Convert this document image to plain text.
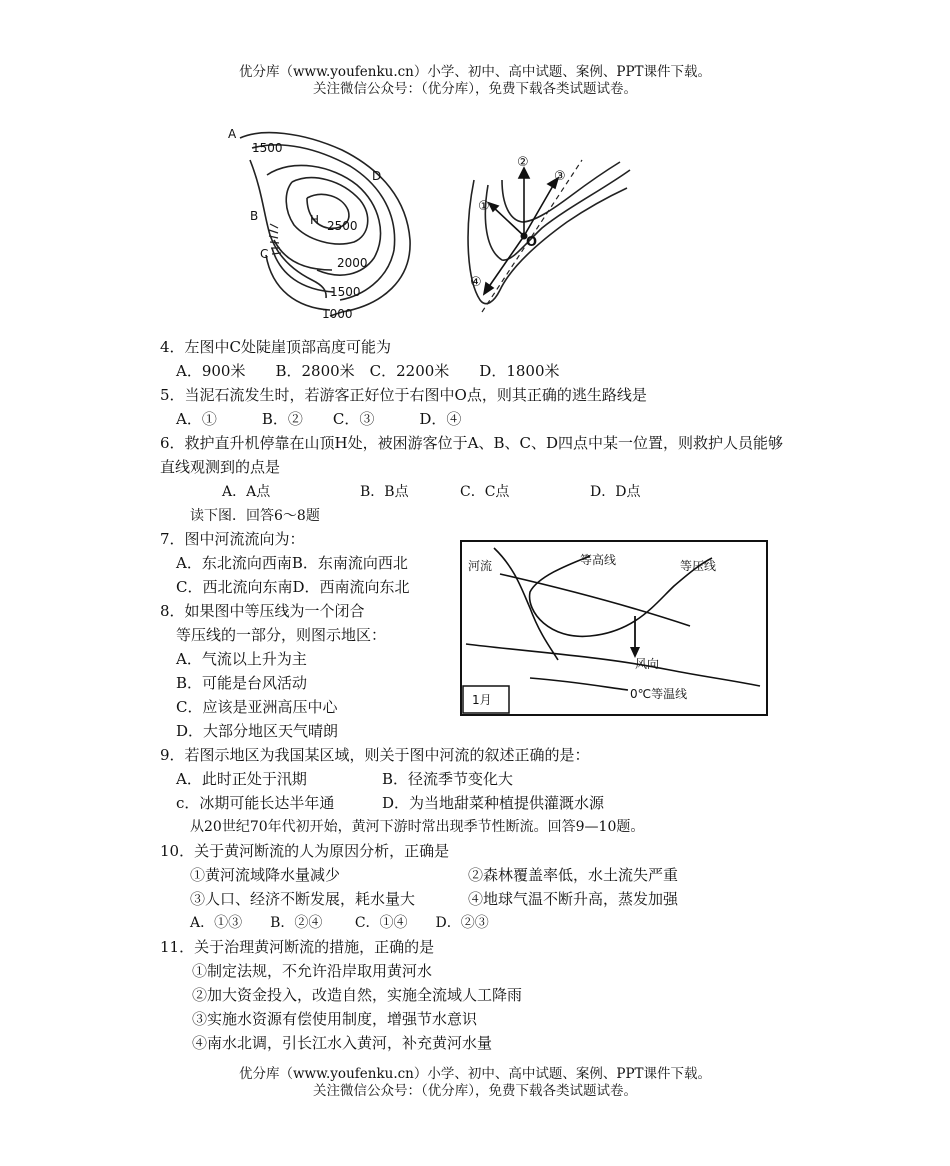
优分库（www.youfenku.cn）小学、初中、高中试题、案例、PPT课件下载。
关注微信公众号：（优分库），免费下载各类试题试卷。
A
1500
D
B	H 2500
C
2000
1500
1000
①
②
③
④
O
4．左图中C处陡崖顶部高度可能为
A．900米　　B．2800米　C．2200米　　D．1800米
5．当泥石流发生时，若游客正好位于右图中O点，则其正确的逃生路线是
A．①　　　B．②　　C．③　　　D．④
6．救护直升机停靠在山顶H处，被困游客位于A、B、C、D四点中某一位置，则救护人员能够
直线观测到的点是
A．A点	B．B点	C．C点	D．D点
读下图．回答6～8题
7．图中河流流向为：
A．东北流向西南B．东南流向西北
C．西北流向东南D．西南流向东北
8．如果图中等压线为一个闭合
等压线的一部分，则图示地区：
A．气流以上升为主
B．可能是台风活动
C．应该是亚洲高压中心
D．大部分地区天气晴朗
河流	等高线	等压线
风向
0℃等温线
1月
9．若图示地区为我国某区域，则关于图中河流的叙述正确的是：
A．此时正处于汛期	B．径流季节变化大
c．冰期可能长达半年通	D．为当地甜菜种植提供灌溉水源
从20世纪70年代初开始，黄河下游时常出现季节性断流。回答9—10题。
10．关于黄河断流的人为原因分析，正确是
①黄河流域降水量减少	②森林覆盖率低，水土流失严重
③人口、经济不断发展，耗水量大	④地球气温不断升高，蒸发加强
A．①③　　B．②④　　 C．①④　　D．②③
11．关于治理黄河断流的措施，正确的是
①制定法规，不允许沿岸取用黄河水
②加大资金投入，改造自然，实施全流域人工降雨
③实施水资源有偿使用制度，增强节水意识
④南水北调，引长江水入黄河，补充黄河水量
优分库（www.youfenku.cn）小学、初中、高中试题、案例、PPT课件下载。
关注微信公众号：（优分库），免费下载各类试题试卷。
